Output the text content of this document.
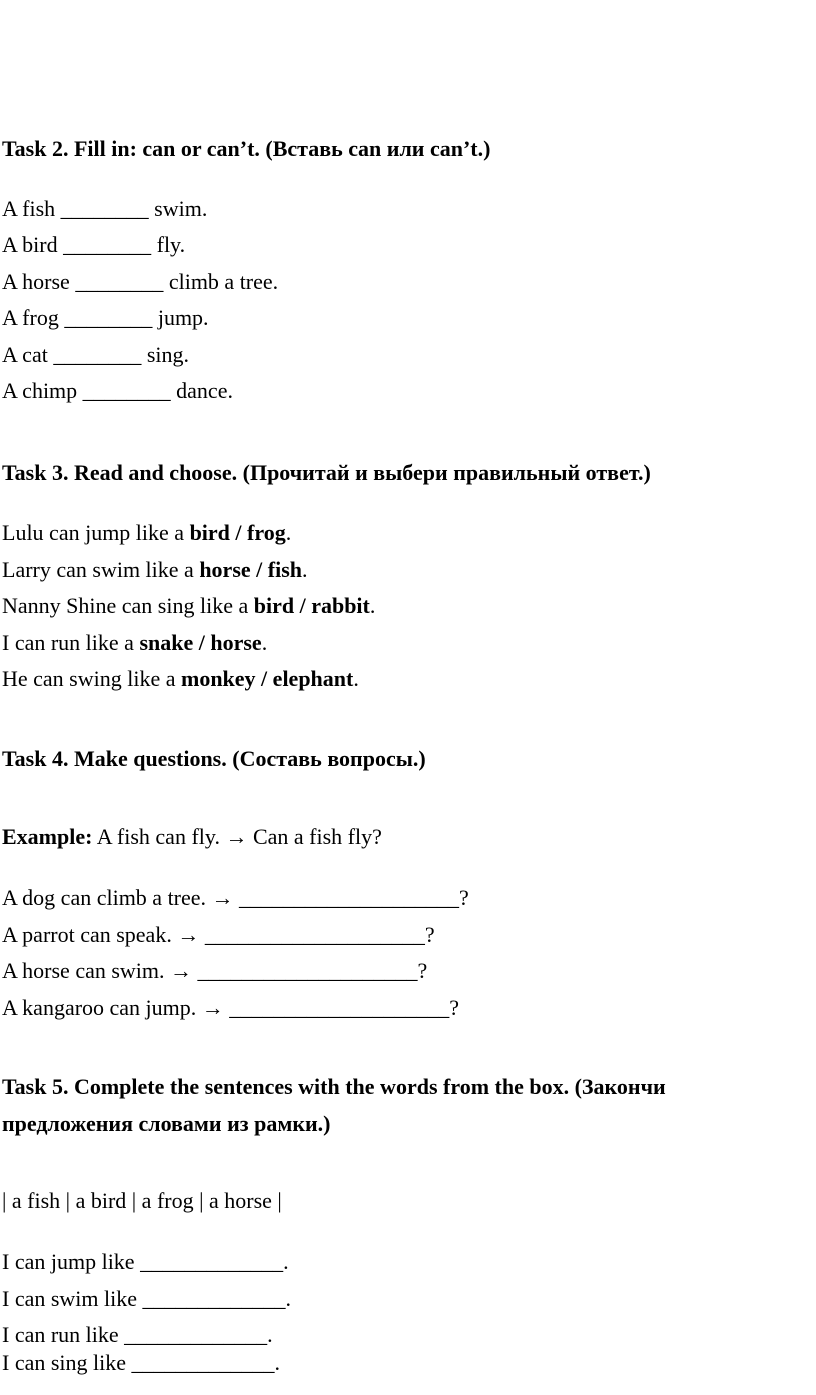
Task 2. Fill in: can or can’t. (Вставь can или can’t.)
A fish ________ swim.
A bird ________ fly.
A horse ________ climb a tree.
A frog ________ jump.
A cat ________ sing.
A chimp ________ dance.
Task 3. Read and choose. (Прочитай и выбери правильный ответ.)
Lulu can jump like a bird / frog.
Larry can swim like a horse / fish.
Nanny Shine can sing like a bird / rabbit.
I can run like a snake / horse.
He can swing like a monkey / elephant.
Task 4. Make questions. (Составь вопросы.)
Example: A fish can fly. → Can a fish fly?
A dog can climb a tree. → ____________________?
A parrot can speak. → ____________________?
A horse can swim. → ____________________?
A kangaroo can jump. → ____________________?
Task 5. Complete the sentences with the words from the box. (Закончи
предложения словами из рамки.)
| a fish | a bird | a frog | a horse |
I can jump like _____________.
I can swim like _____________.
I can run like _____________.
I can sing like _____________.
